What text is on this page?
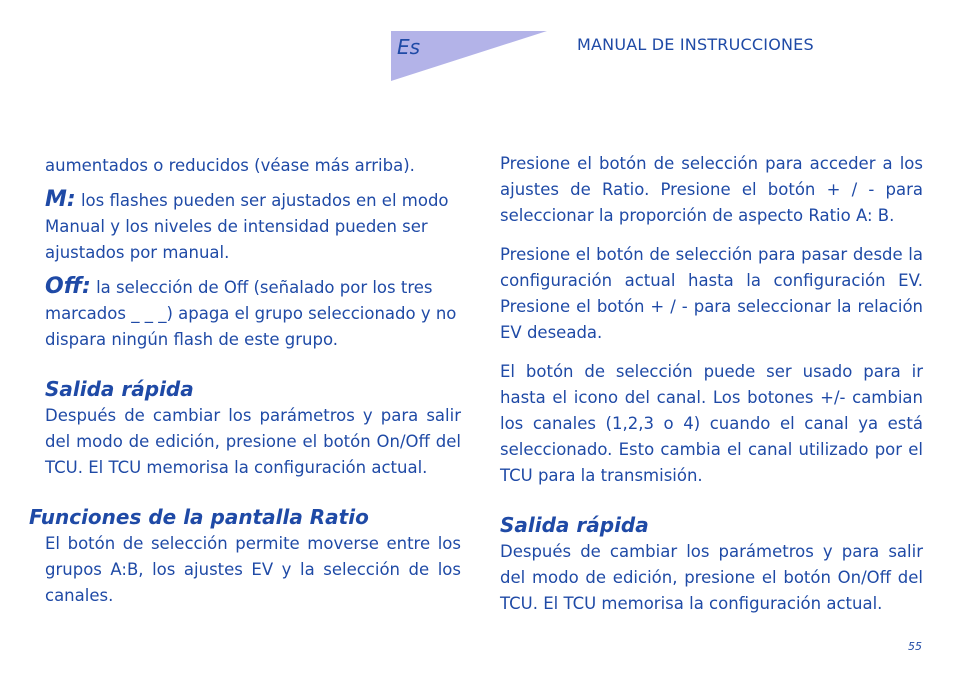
Es	MANUAL DE INSTRUCCIONES

aumentados o reducidos (véase más arriba).

M: los flashes pueden ser ajustados en el modo Manual y los niveles de intensidad pueden ser ajustados por manual.

Off: la selección de Off (señalado por los tres marcados _ _ _) apaga el grupo seleccionado y no dispara ningún flash de este grupo.

Salida rápida

Después de cambiar los parámetros y para salir del modo de edición, presione el botón On/Off del TCU. El TCU memorisa la configuración actual.

Funciones de la pantalla Ratio

El botón de selección permite moverse entre los grupos A:B, los ajustes EV y la selección de los canales.

Presione el botón de selección para acceder a los ajustes de Ratio. Presione el botón + / - para seleccionar la proporción de aspecto Ratio A: B.

Presione el botón de selección para pasar desde la configuración actual hasta la configuración EV. Presione el botón + / - para seleccionar la relación EV deseada.

El botón de selección puede ser usado para ir hasta el icono del canal. Los botones +/- cambian los canales (1,2,3 o 4) cuando el canal ya está seleccionado. Esto cambia el canal utilizado por el TCU para la transmisión.

Salida rápida

Después de cambiar los parámetros y para salir del modo de edición, presione el botón On/Off del TCU. El TCU memorisa la configuración actual.

55
